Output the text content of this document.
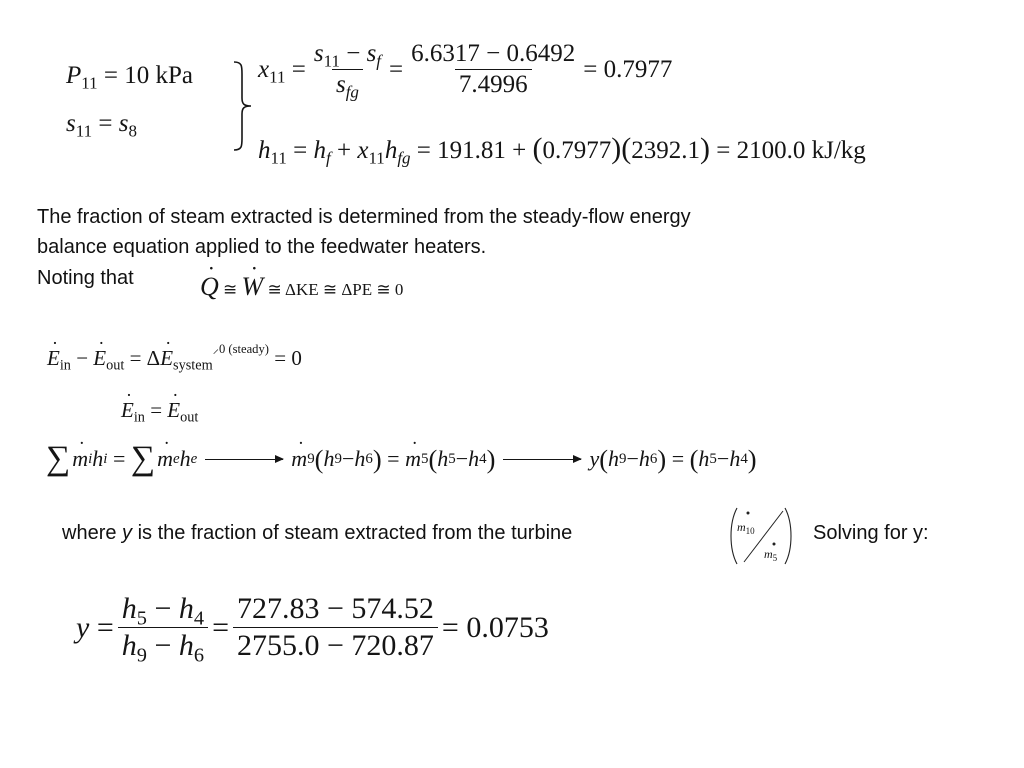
$P_{11} = 10$ kPa
$s_{11} = s_8$
$x_{11} = \frac{s_{11} - s_f}{s_{fg}} = \frac{6.6317 - 0.6492}{7.4996} = 0.7977$
$h_{11} = h_f + x_{11}h_{fg} = 191.81 + (0.7977)(2392.1) = 2100.0$ kJ/kg
The fraction of steam extracted is determined from the steady-flow energy
balance equation applied to the feedwater heaters.
Noting that	Q ˙ ≅ W ˙ ≅ ΔKE ≅ ΔPE ≅ 0
E $˙_{in} - E$ $˙_{out} = \Delta E$ $˙_{system}^{⸝0 (steady)} = 0$
E $˙_{in} = E$ $˙_{out}$
∑ m ˙ i h i = ∑ m ˙ e h e	m ˙ 9 ( h 9 − h 6 ) = m ˙ 5 ( h 5 − h 4 )	y ( h 9 − h 6 ) = ( h 5 − h 4 )
where y is the fraction of steam extracted from the turbine	$m_{10}$
$m_5$
Solving for y:
$y = \frac{h_5 - h_4}{h_9 - h_6} = \frac{727.83 - 574.52}{2755.0 - 720.87} = 0.0753$
